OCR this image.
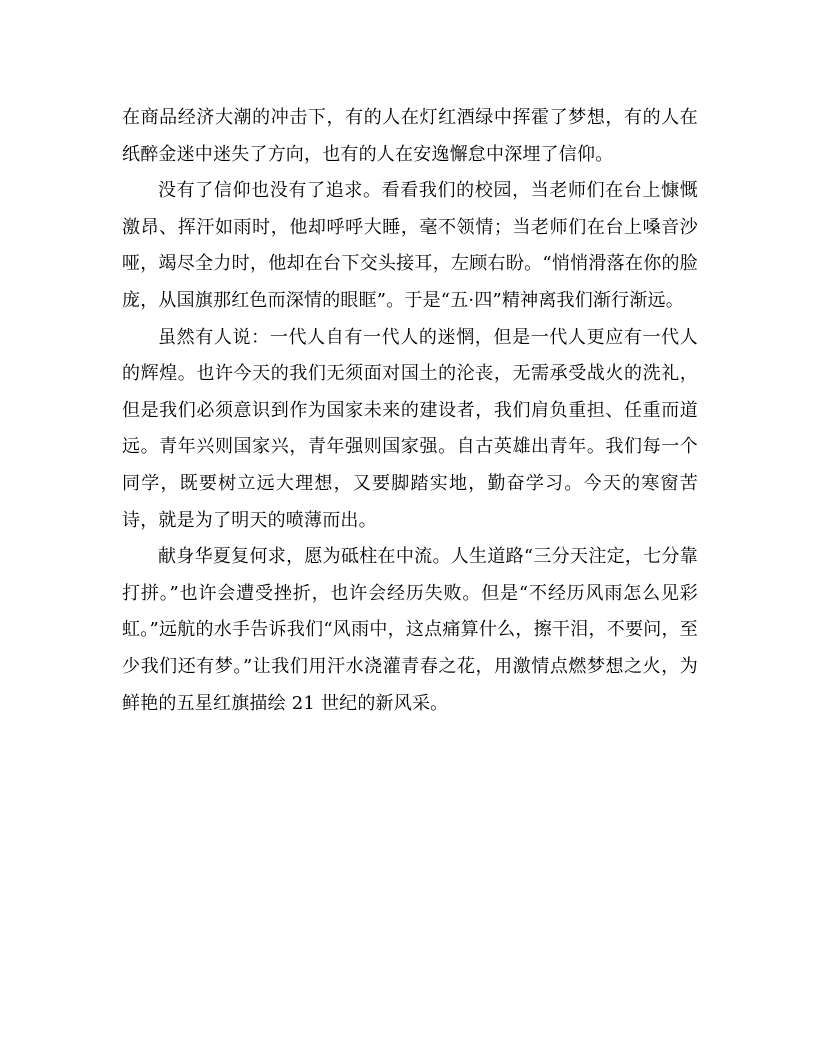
在商品经济大潮的冲击下，有的人在灯红酒绿中挥霍了梦想，有的人在纸醉金迷中迷失了方向，也有的人在安逸懈怠中深埋了信仰。

没有了信仰也没有了追求。看看我们的校园，当老师们在台上慷慨激昂、挥汗如雨时，他却呼呼大睡，毫不领情；当老师们在台上嗓音沙哑，竭尽全力时，他却在台下交头接耳，左顾右盼。“悄悄滑落在你的脸庞，从国旗那红色而深情的眼眶”。于是“五·四”精神离我们渐行渐远。

虽然有人说：一代人自有一代人的迷惘，但是一代人更应有一代人的辉煌。也许今天的我们无须面对国土的沦丧，无需承受战火的洗礼，但是我们必须意识到作为国家未来的建设者，我们肩负重担、任重而道远。青年兴则国家兴，青年强则国家强。自古英雄出青年。我们每一个同学，既要树立远大理想，又要脚踏实地，勤奋学习。今天的寒窗苦诗，就是为了明天的喷薄而出。

献身华夏复何求，愿为砥柱在中流。人生道路“三分天注定，七分靠打拼。”也许会遭受挫折，也许会经历失败。但是“不经历风雨怎么见彩虹。”远航的水手告诉我们“风雨中，这点痛算什么，擦干泪，不要问，至少我们还有梦。”让我们用汗水浇灌青春之花，用激情点燃梦想之火，为鲜艳的五星红旗描绘 21 世纪的新风采。
